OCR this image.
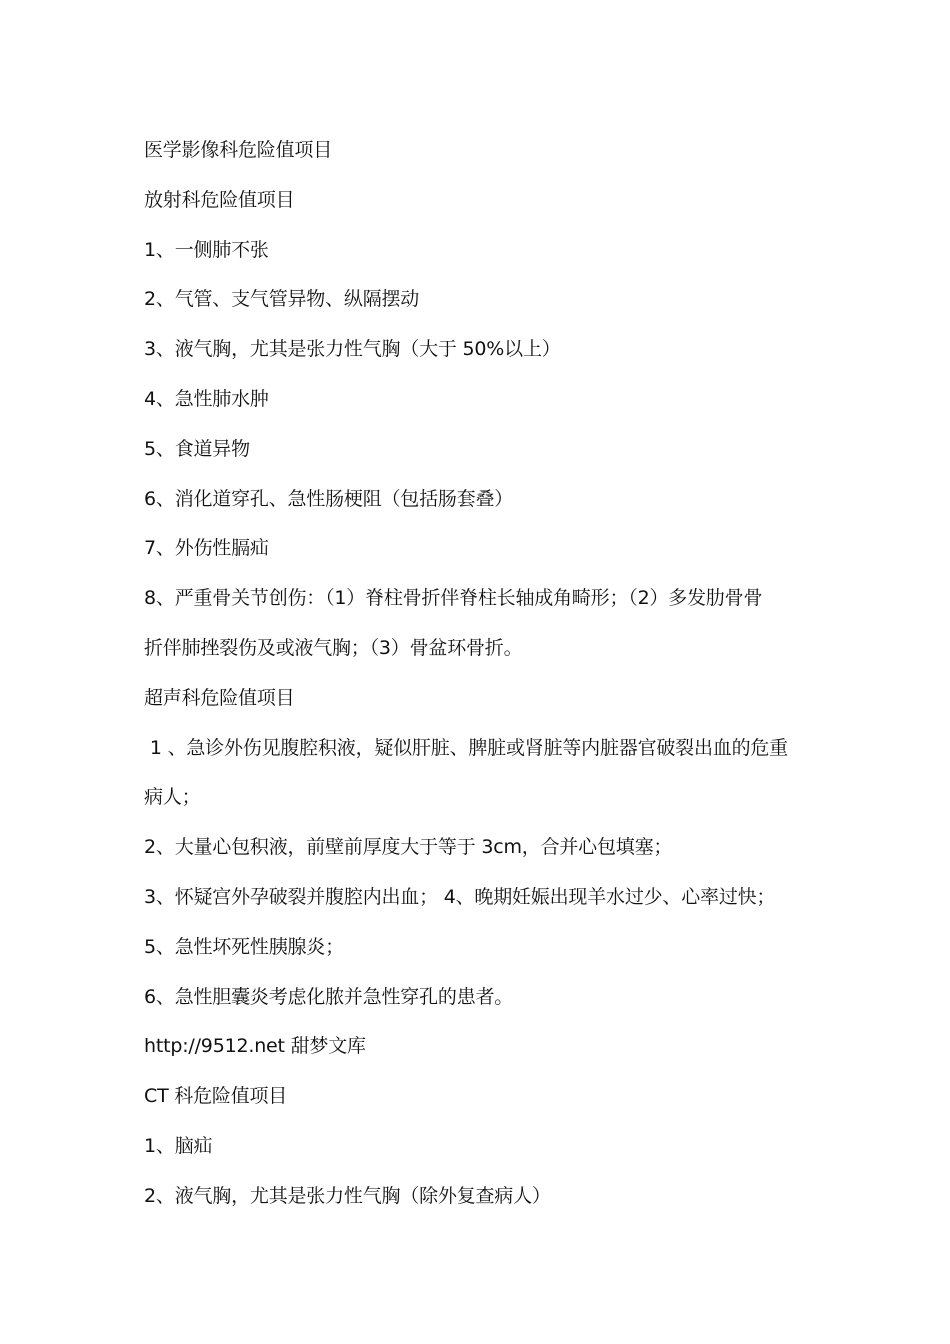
医学影像科危险值项目
放射科危险值项目
1、一侧肺不张
2、气管、支气管异物、纵隔摆动
3、液气胸，尤其是张力性气胸（大于 50%以上）
4、急性肺水肿
5、食道异物
6、消化道穿孔、急性肠梗阻（包括肠套叠）
7、外伤性膈疝
8、严重骨关节创伤：（1）脊柱骨折伴脊柱长轴成角畸形；（2）多发肋骨骨
折伴肺挫裂伤及或液气胸；（3）骨盆环骨折。
超声科危险值项目
1 、急诊外伤见腹腔积液，疑似肝脏、脾脏或肾脏等内脏器官破裂出血的危重
病人；
2、大量心包积液，前壁前厚度大于等于 3cm，合并心包填塞；
3、怀疑宫外孕破裂并腹腔内出血； 4、晚期妊娠出现羊水过少、心率过快；
5、急性坏死性胰腺炎；
6、急性胆囊炎考虑化脓并急性穿孔的患者。
http://9512.net 甜梦文库
CT 科危险值项目
1、脑疝
2、液气胸，尤其是张力性气胸（除外复查病人）
